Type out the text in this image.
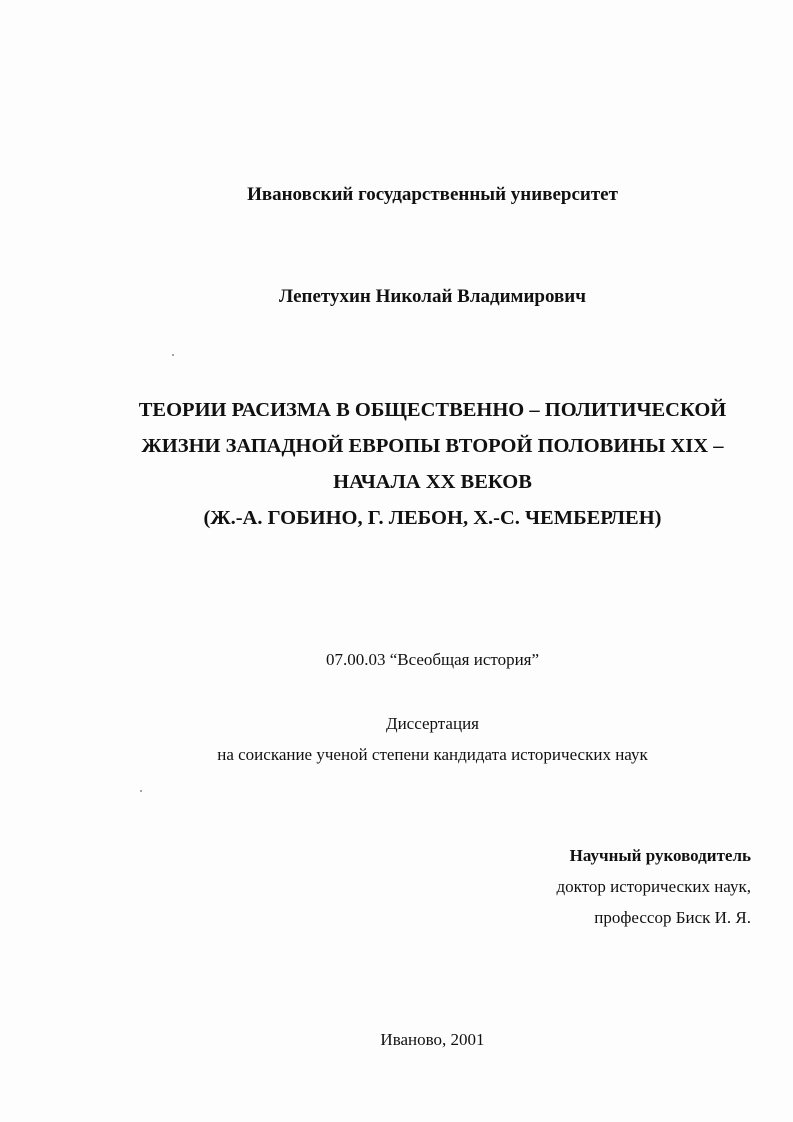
Ивановский государственный университет
Лепетухин Николай Владимирович
ТЕОРИИ РАСИЗМА В ОБЩЕСТВЕННО – ПОЛИТИЧЕСКОЙ
ЖИЗНИ ЗАПАДНОЙ ЕВРОПЫ ВТОРОЙ ПОЛОВИНЫ XIX –
НАЧАЛА XX ВЕКОВ
(Ж.-А. ГОБИНО, Г. ЛЕБОН, Х.-С. ЧЕМБЕРЛЕН)
07.00.03 “Всеобщая история”
Диссертация
на соискание ученой степени кандидата исторических наук
Научный руководитель
доктор исторических наук,
профессор Биск И. Я.
Иваново, 2001
